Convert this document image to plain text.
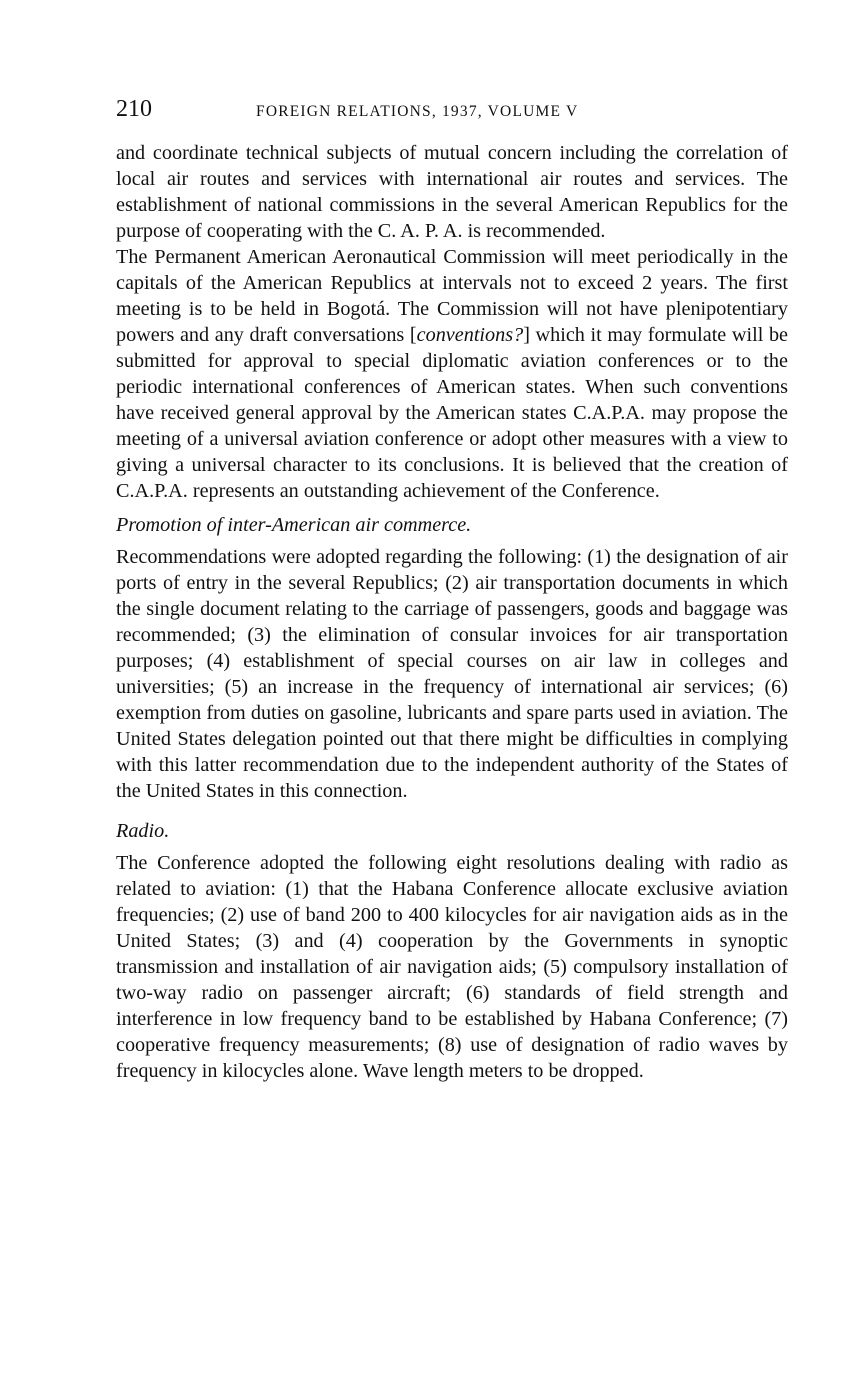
210	FOREIGN RELATIONS, 1937, VOLUME V

and coordinate technical subjects of mutual concern including the correlation of local air routes and services with international air routes and services. The establishment of national commissions in the several American Republics for the purpose of cooperating with the C. A. P. A. is recommended.

The Permanent American Aeronautical Commission will meet periodically in the capitals of the American Republics at intervals not to exceed 2 years. The first meeting is to be held in Bogotá. The Commission will not have plenipotentiary powers and any draft conversations [conventions?] which it may formulate will be submitted for approval to special diplomatic aviation conferences or to the periodic international conferences of American states. When such conventions have received general approval by the American states C.A.P.A. may propose the meeting of a universal aviation conference or adopt other measures with a view to giving a universal character to its conclusions. It is believed that the creation of C.A.P.A. represents an outstanding achievement of the Conference.

Promotion of inter-American air commerce.

Recommendations were adopted regarding the following: (1) the designation of air ports of entry in the several Republics; (2) air transportation documents in which the single document relating to the carriage of passengers, goods and baggage was recommended; (3) the elimination of consular invoices for air transportation purposes; (4) establishment of special courses on air law in colleges and universities; (5) an increase in the frequency of international air services; (6) exemption from duties on gasoline, lubricants and spare parts used in aviation. The United States delegation pointed out that there might be difficulties in complying with this latter recommendation due to the independent authority of the States of the United States in this connection.

Radio.

The Conference adopted the following eight resolutions dealing with radio as related to aviation: (1) that the Habana Conference allocate exclusive aviation frequencies; (2) use of band 200 to 400 kilocycles for air navigation aids as in the United States; (3) and (4) cooperation by the Governments in synoptic transmission and installation of air navigation aids; (5) compulsory installation of two-way radio on passenger aircraft; (6) standards of field strength and interference in low frequency band to be established by Habana Conference; (7) cooperative frequency measurements; (8) use of designation of radio waves by frequency in kilocycles alone. Wave length meters to be dropped.
